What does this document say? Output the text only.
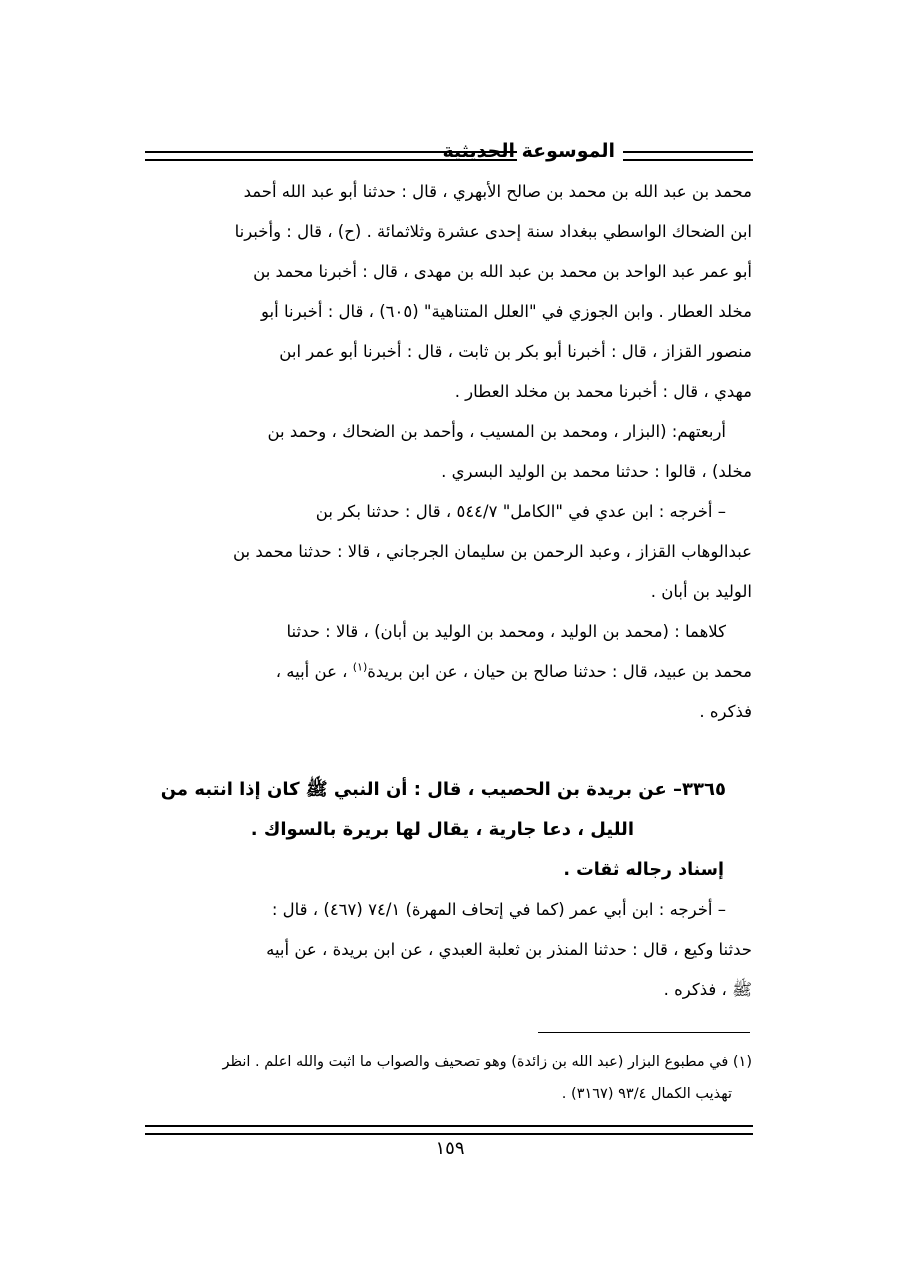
الموسوعة الحديثية

محمد بن عبد الله بن محمد بن صالح الأبهري ، قال : حدثنا أبو عبد الله أحمد

ابن الضحاك الواسطي ببغداد سنة إحدى عشرة وثلاثمائة . (ح) ، قال : وأخبرنا

أبو عمر عبد الواحد بن محمد بن عبد الله بن مهدى ، قال : أخبرنا محمد بن

مخلد العطار . وابن الجوزي في "العلل المتناهية" (٦٠٥) ، قال : أخبرنا أبو

منصور القزاز ، قال : أخبرنا أبو بكر بن ثابت ، قال : أخبرنا أبو عمر ابن

مهدي ، قال : أخبرنا محمد بن مخلد العطار .

أربعتهم: (البزار ، ومحمد بن المسيب ، وأحمد بن الضحاك ، وحمد بن

مخلد) ، قالوا : حدثنا محمد بن الوليد البسري .

– أخرجه : ابن عدي في "الكامل" ٥٤٤/٧ ، قال : حدثنا بكر بن

عبدالوهاب القزاز ، وعبد الرحمن بن سليمان الجرجاني ، قالا : حدثنا محمد بن

الوليد بن أبان .

كلاهما : (محمد بن الوليد ، ومحمد بن الوليد بن أبان) ، قالا : حدثنا

محمد بن عبيد، قال : حدثنا صالح بن حيان ، عن ابن بريدة$^{(١)}$ ، عن أبيه ،

فذكره .

٣٣٦٥– عن بريدة بن الحصيب ، قال : أن النبي ﷺ كان إذا انتبه من
الليل ، دعا جارية ، يقال لها بريرة بالسواك .

إسناد رجاله ثقات .

– أخرجه : ابن أبي عمر (كما في إتحاف المهرة) ٧٤/١ (٤٦٧) ، قال :

حدثنا وكيع ، قال : حدثنا المنذر بن ثعلبة العبدي ، عن ابن بريدة ، عن أبيه

ﷺ ، فذكره .

(١) في مطبوع البزار (عبد الله بن زائدة) وهو تصحيف والصواب ما اثبت والله اعلم . انظر

تهذيب الكمال ٩٣/٤ (٣١٦٧) .

١٥٩
